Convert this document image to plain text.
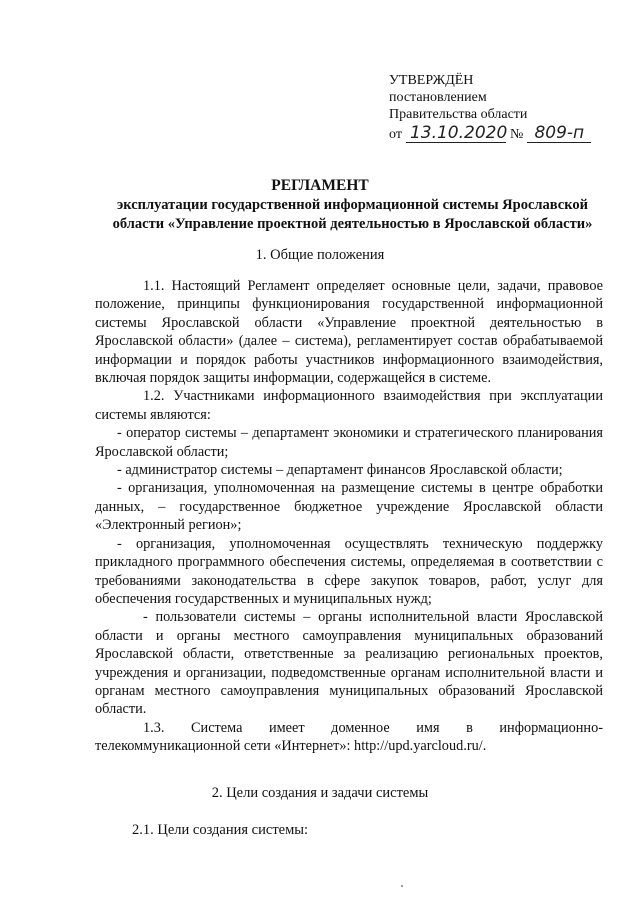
УТВЕРЖДЁН
постановлением
Правительства области
от 13.10.2020 № 809-п
РЕГЛАМЕНТ
эксплуатации государственной информационной системы Ярославской области «Управление проектной деятельностью в Ярославской области»
1. Общие положения

1.1. Настоящий Регламент определяет основные цели, задачи, правовое положение, принципы функционирования государственной информационной системы Ярославской области «Управление проектной деятельностью в Ярославской области» (далее – система), регламентирует состав обрабатываемой информации и порядок работы участников информационного взаимодействия, включая порядок защиты информации, содержащейся в системе.

1.2. Участниками информационного взаимодействия при эксплуатации системы являются:

- оператор системы – департамент экономики и стратегического планирования Ярославской области;

- администратор системы – департамент финансов Ярославской области;

- организация, уполномоченная на размещение системы в центре обработки данных, – государственное бюджетное учреждение Ярославской области «Электронный регион»;

- организация, уполномоченная осуществлять техническую поддержку прикладного программного обеспечения системы, определяемая в соответствии с требованиями законодательства в сфере закупок товаров, работ, услуг для обеспечения государственных и муниципальных нужд;

- пользователи системы – органы исполнительной власти Ярославской области и органы местного самоуправления муниципальных образований Ярославской области, ответственные за реализацию региональных проектов, учреждения и организации, подведомственные органам исполнительной власти и органам местного самоуправления муниципальных образований Ярославской области.

1.3. Система имеет доменное имя в информационно-телекоммуникационной сети «Интернет»: http://upd.yarcloud.ru/.

2. Цели создания и задачи системы
2.1. Цели создания системы:
